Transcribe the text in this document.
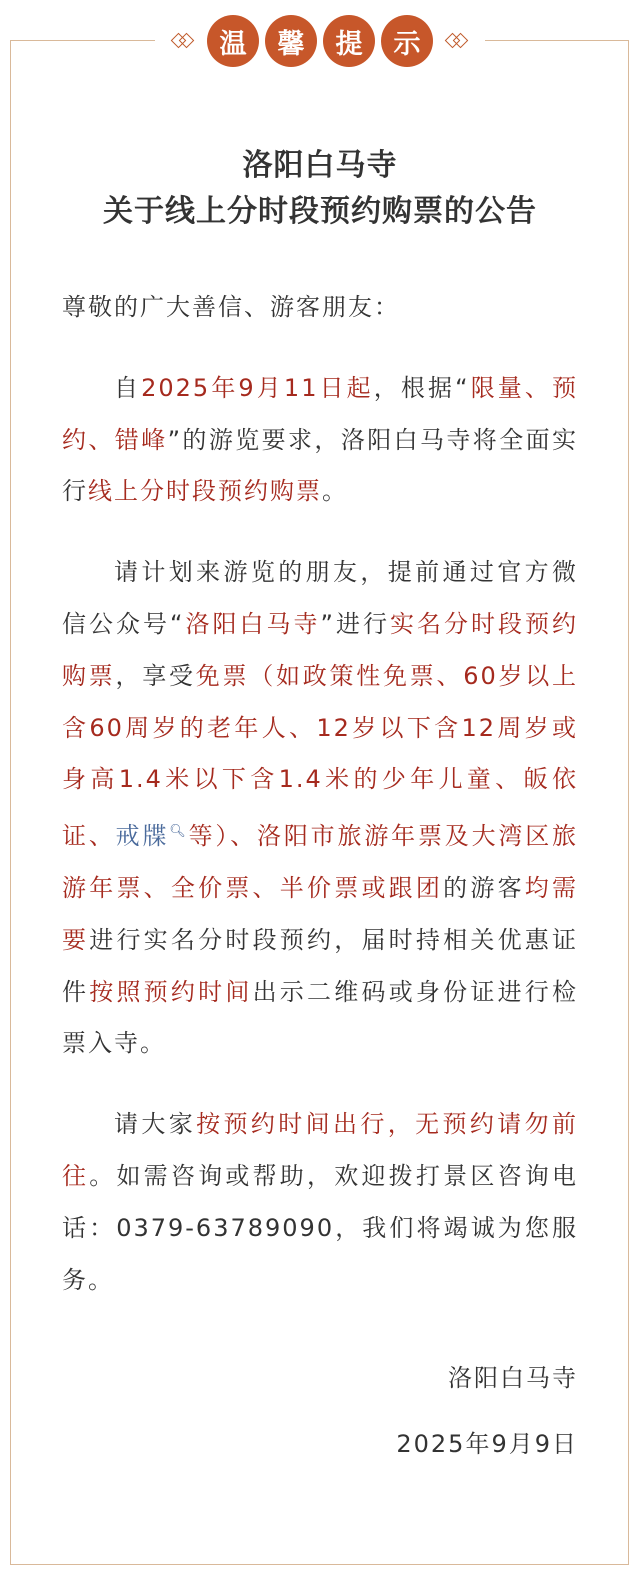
温	馨	提	示
洛阳白马寺
关于线上分时段预约购票的公告

尊敬的广大善信、游客朋友：

自2025年9月11日起，根据“限量、预约、错峰”的游览要求，洛阳白马寺将全面实行线上分时段预约购票。

请计划来游览的朋友，提前通过官方微信公众号“洛阳白马寺”进行实名分时段预约购票，享受免票（如政策性免票、60岁以上含60周岁的老年人、12岁以下含12周岁或身高1.4米以下含1.4米的少年儿童、皈依证、戒牒🔍︎等）、洛阳市旅游年票及大湾区旅游年票、全价票、半价票或跟团的游客均需要进行实名分时段预约，届时持相关优惠证件按照预约时间出示二维码或身份证进行检票入寺。

请大家按预约时间出行，无预约请勿前往。如需咨询或帮助，欢迎拨打景区咨询电话：0379-63789090，我们将竭诚为您服务。

洛阳白马寺
2025年9月9日
